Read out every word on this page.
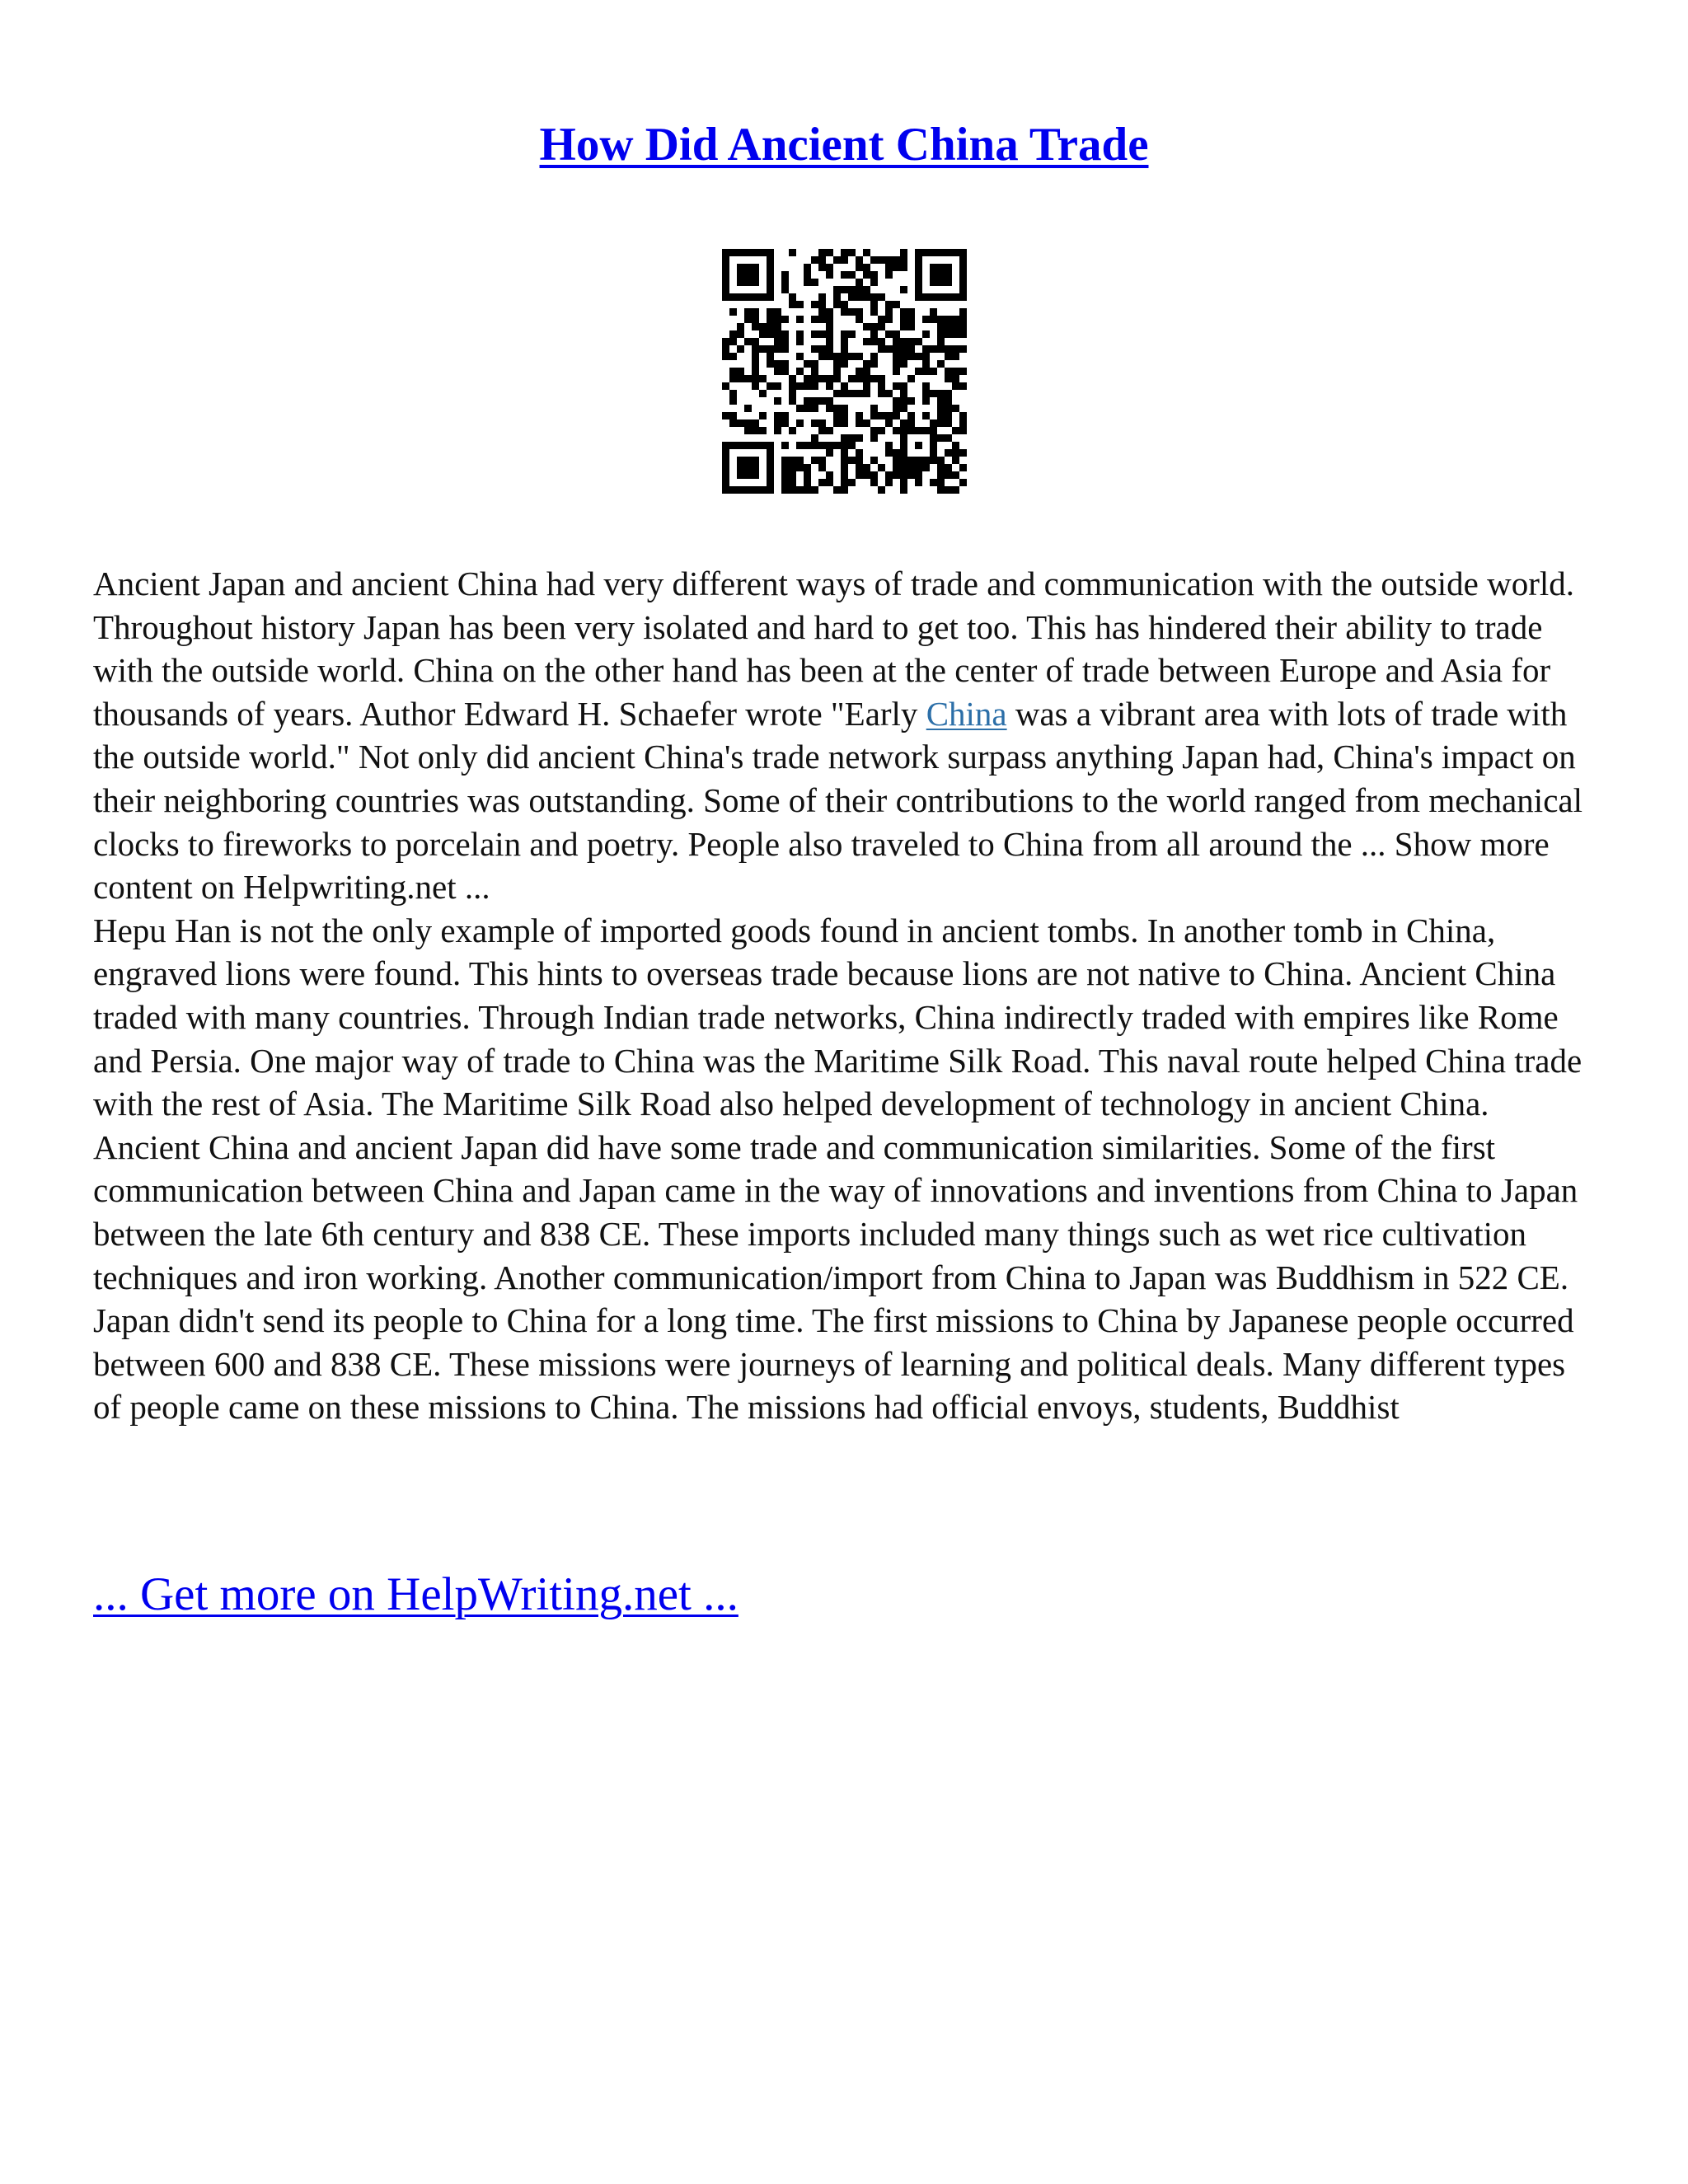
How Did Ancient China Trade

Ancient Japan and ancient China had very different ways of trade and communication with the outside world. Throughout history Japan has been very isolated and hard to get too. This has hindered their ability to trade with the outside world. China on the other hand has been at the center of trade between Europe and Asia for thousands of years. Author Edward H. Schaefer wrote "Early China was a vibrant area with lots of trade with the outside world." Not only did ancient China's trade network surpass anything Japan had, China's impact on their neighboring countries was outstanding. Some of their contributions to the world ranged from mechanical clocks to fireworks to porcelain and poetry. People also traveled to China from all around the ... Show more content on Helpwriting.net ...

Hepu Han is not the only example of imported goods found in ancient tombs. In another tomb in China, engraved lions were found. This hints to overseas trade because lions are not native to China. Ancient China traded with many countries. Through Indian trade networks, China indirectly traded with empires like Rome and Persia. One major way of trade to China was the Maritime Silk Road. This naval route helped China trade with the rest of Asia. The Maritime Silk Road also helped development of technology in ancient China. Ancient China and ancient Japan did have some trade and communication similarities. Some of the first communication between China and Japan came in the way of innovations and inventions from China to Japan between the late 6th century and 838 CE. These imports included many things such as wet rice cultivation techniques and iron working. Another communication/import from China to Japan was Buddhism in 522 CE. Japan didn't send its people to China for a long time. The first missions to China by Japanese people occurred between 600 and 838 CE. These missions were journeys of learning and political deals. Many different types of people came on these missions to China. The missions had official envoys, students, Buddhist

... Get more on HelpWriting.net ...
